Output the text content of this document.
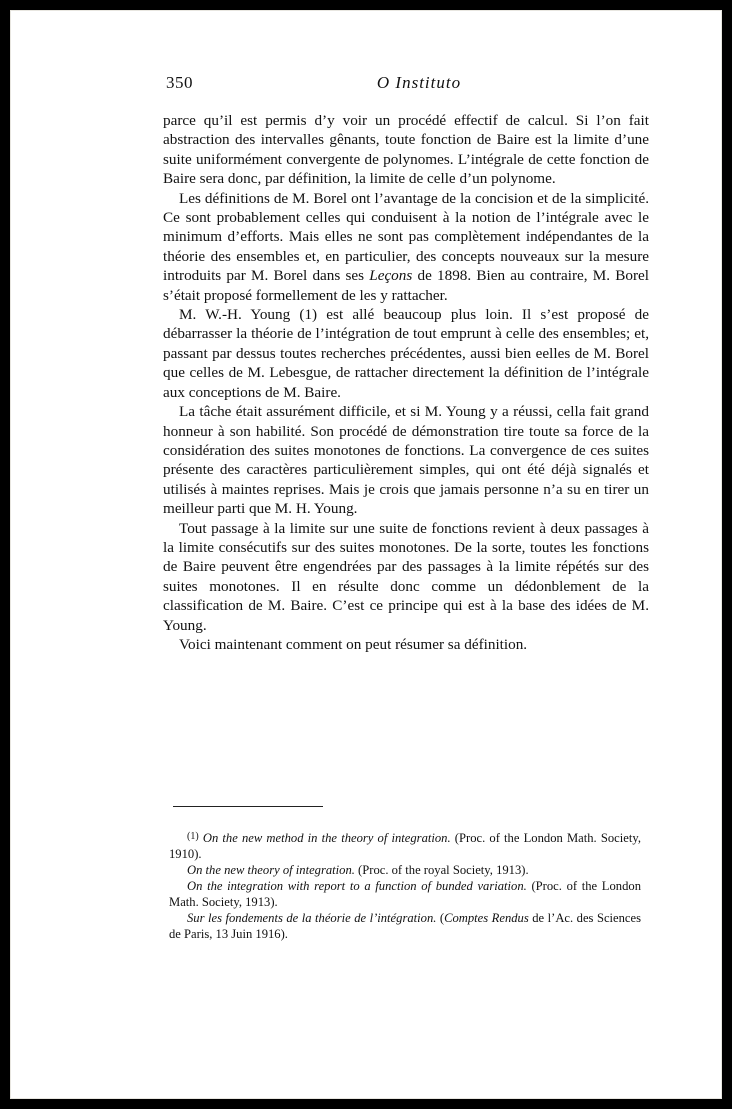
350	O Instituto

parce qu’il est permis d’y voir un procédé effectif de calcul. Si l’on fait abstraction des intervalles gênants, toute fonction de Baire est la limite d’une suite uniformément convergente de polynomes. L’intégrale de cette fonction de Baire sera donc, par définition, la limite de celle d’un polynome.

Les définitions de M. Borel ont l’avantage de la concision et de la simplicité. Ce sont probablement celles qui conduisent à la notion de l’intégrale avec le minimum d’efforts. Mais elles ne sont pas complètement indépendantes de la théorie des ensembles et, en particulier, des concepts nouveaux sur la mesure introduits par M. Borel dans ses Leçons de 1898. Bien au contraire, M. Borel s’était proposé formellement de les y rattacher.

M. W.-H. Young (1) est allé beaucoup plus loin. Il s’est proposé de débarrasser la théorie de l’intégration de tout emprunt à celle des ensembles; et, passant par dessus toutes recherches précédentes, aussi bien eelles de M. Borel que celles de M. Lebesgue, de rattacher directement la définition de l’intégrale aux conceptions de M. Baire.

La tâche était assurément difficile, et si M. Young y a réussi, cella fait grand honneur à son habilité. Son procédé de démonstration tire toute sa force de la considération des suites monotones de fonctions. La convergence de ces suites présente des caractères particulièrement simples, qui ont été déjà signalés et utilisés à maintes reprises. Mais je crois que jamais personne n’a su en tirer un meilleur parti que M. H. Young.

Tout passage à la limite sur une suite de fonctions revient à deux passages à la limite consécutifs sur des suites monotones. De la sorte, toutes les fonctions de Baire peuvent être engendrées par des passages à la limite répétés sur des suites monotones. Il en résulte donc comme un dédonblement de la classification de M. Baire. C’est ce principe qui est à la base des idées de M. Young.

Voici maintenant comment on peut résumer sa définition.

$^{(1)}$ On the new method in the theory of integration. (Proc. of the London Math. Society, 1910).

On the new theory of integration. (Proc. of the royal Society, 1913).

On the integration with report to a function of bunded variation. (Proc. of the London Math. Society, 1913).

Sur les fondements de la théorie de l’intégration. (Comptes Rendus de l’Ac. des Sciences de Paris, 13 Juin 1916).
